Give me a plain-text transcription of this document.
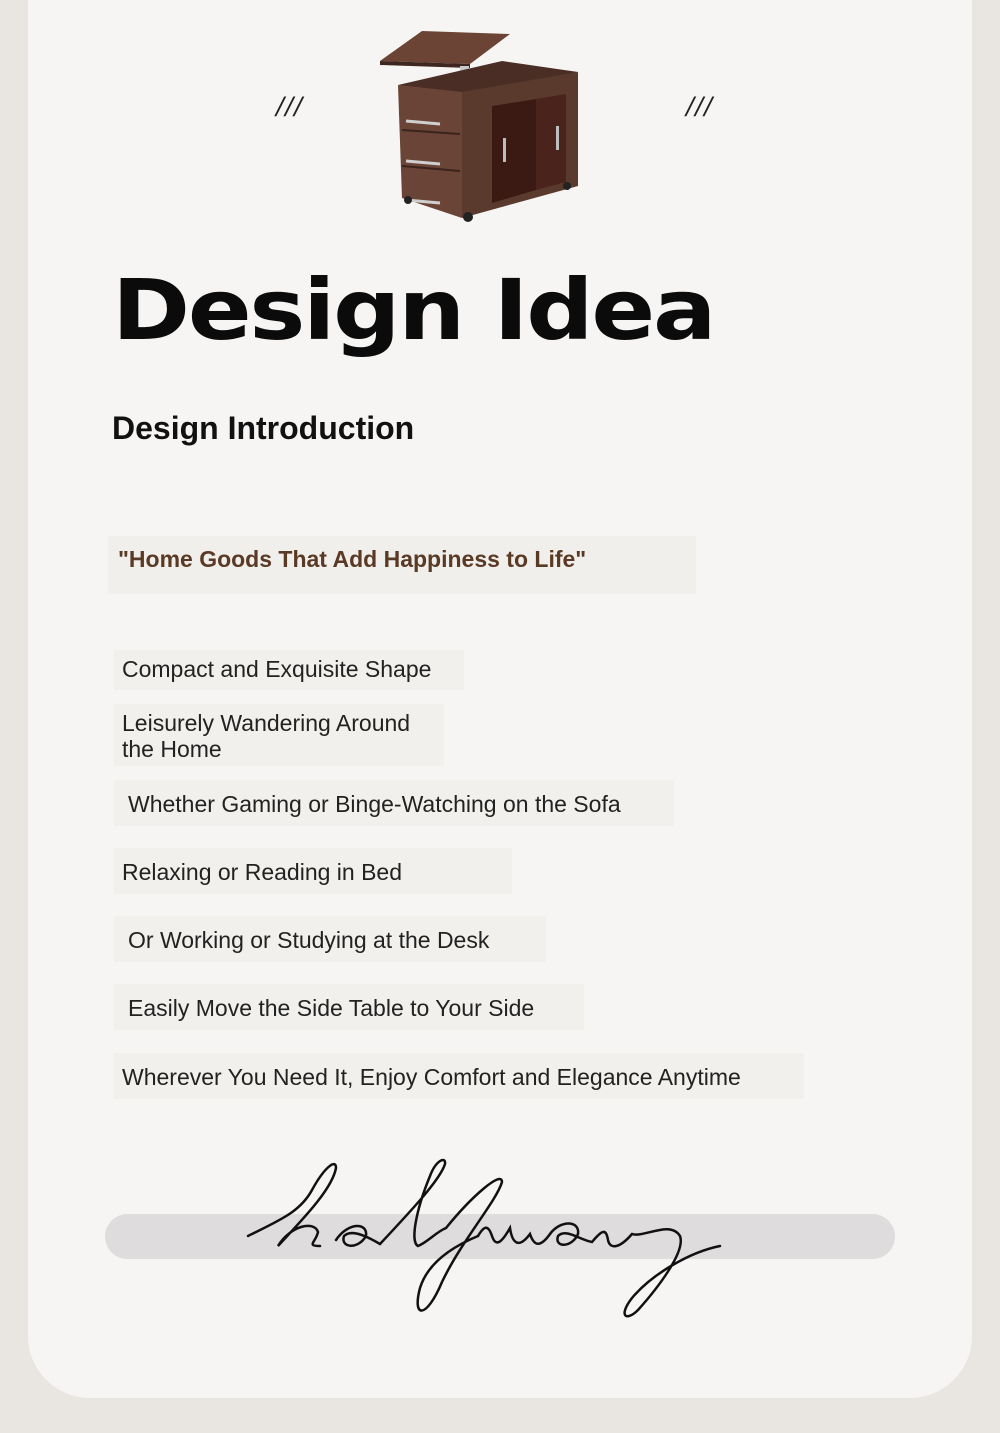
///	///
Design Idea
Design Introduction
"Home Goods That Add Happiness to Life"
Compact and Exquisite Shape
Leisurely Wandering Around
the Home
Whether Gaming or Binge-Watching on the Sofa
Relaxing or Reading in Bed
Or Working or Studying at the Desk
Easily Move the Side Table to Your Side
Wherever You Need It, Enjoy Comfort and Elegance Anytime
